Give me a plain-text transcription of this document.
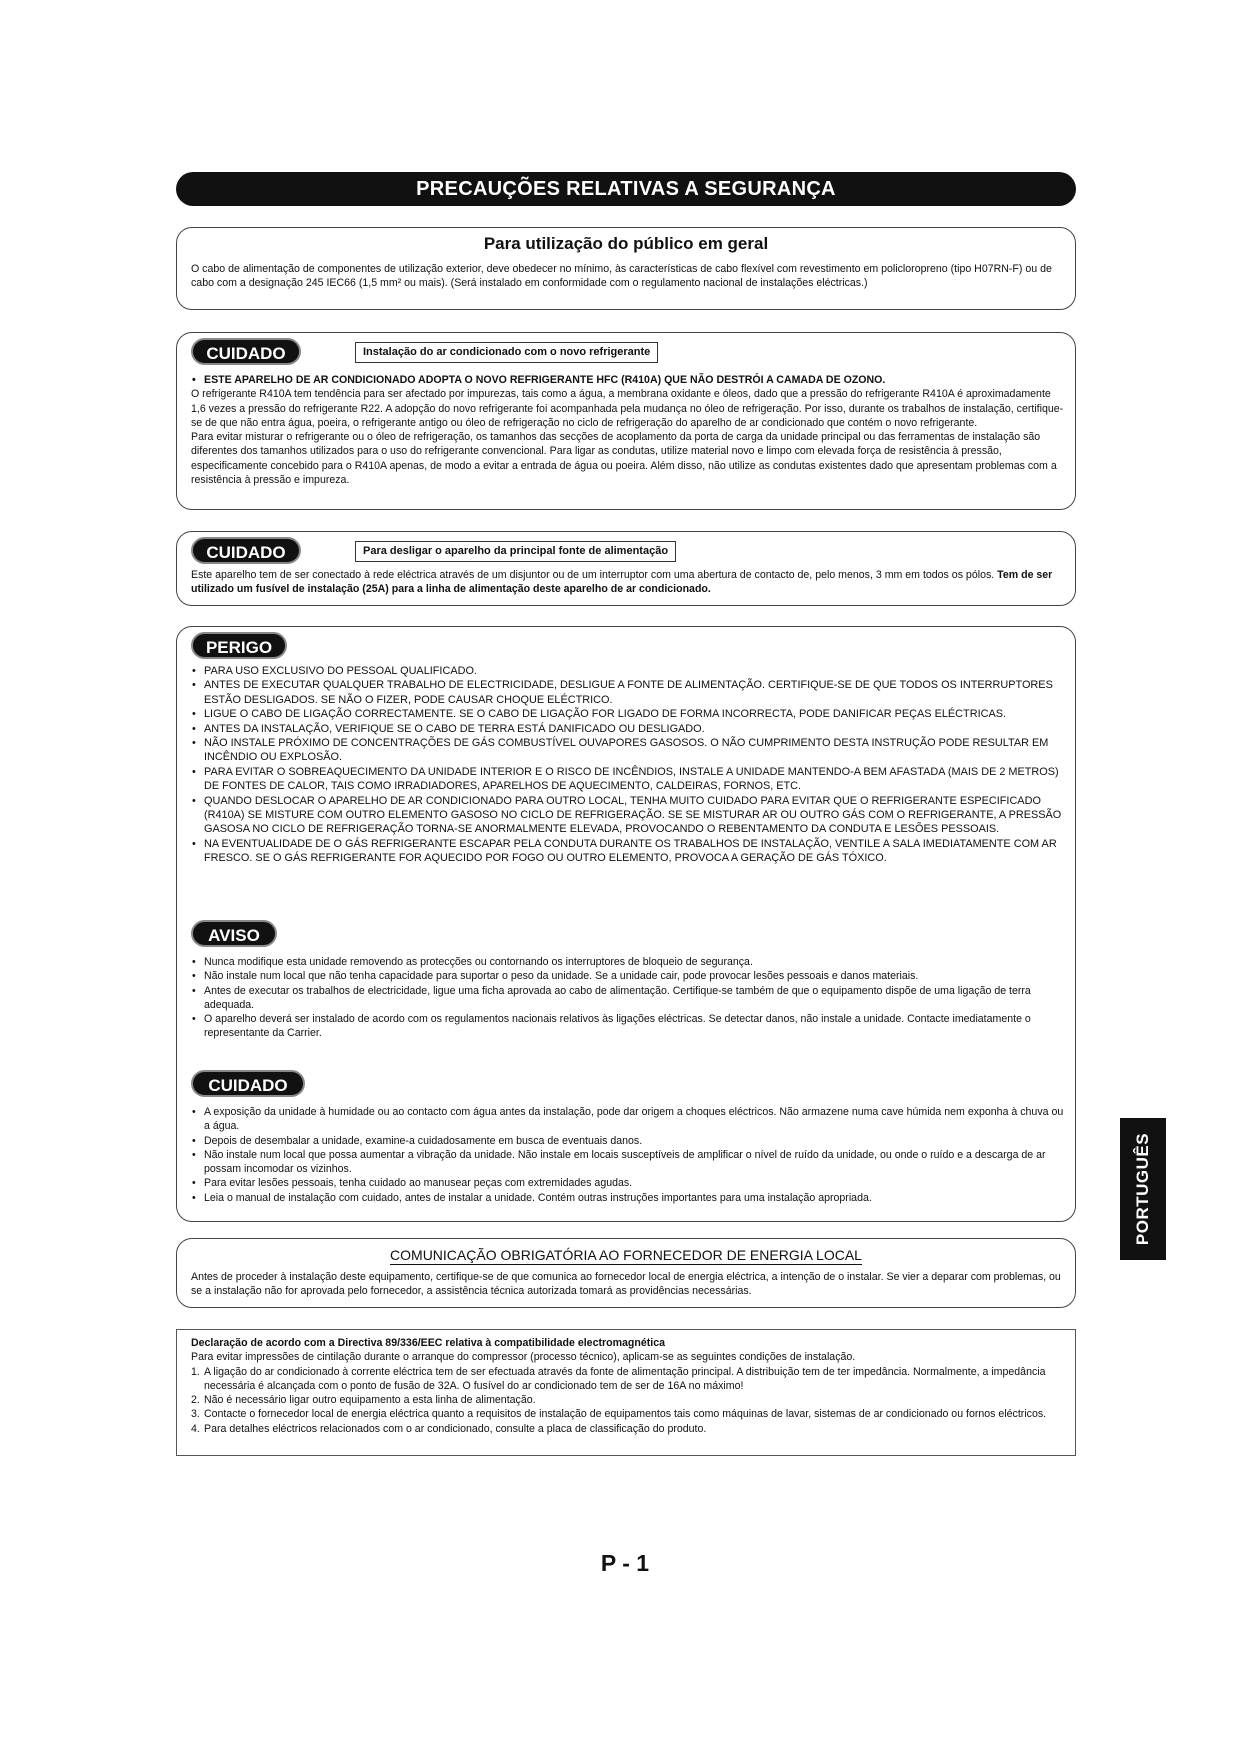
PRECAUÇÕES RELATIVAS A SEGURANÇA
Para utilização do público em geral

O cabo de alimentação de componentes de utilização exterior, deve obedecer no mínimo, às características de cabo flexível com revestimento em policloropreno (tipo H07RN-F) ou de cabo com a designação 245 IEC66 (1,5 mm² ou mais). (Será instalado em conformidade com o regulamento nacional de instalações eléctricas.)

CUIDADO	Instalação do ar condicionado com o novo refrigerante
• ESTE APARELHO DE AR CONDICIONADO ADOPTA O NOVO REFRIGERANTE HFC (R410A) QUE NÃO DESTRÓI A CAMADA DE OZONO.

O refrigerante R410A tem tendência para ser afectado por impurezas, tais como a água, a membrana oxidante e óleos, dado que a pressão do refrigerante R410A é aproximadamente 1,6 vezes a pressão do refrigerante R22. A adopção do novo refrigerante foi acompanhada pela mudança no óleo de refrigeração. Por isso, durante os trabalhos de instalação, certifique-se de que não entra água, poeira, o refrigerante antigo ou óleo de refrigeração no ciclo de refrigeração do aparelho de ar condicionado que contém o novo refrigerante.

Para evitar misturar o refrigerante ou o óleo de refrigeração, os tamanhos das secções de acoplamento da porta de carga da unidade principal ou das ferramentas de instalação são diferentes dos tamanhos utilizados para o uso do refrigerante convencional. Para ligar as condutas, utilize material novo e limpo com elevada força de resistência à pressão, especificamente concebido para o R410A apenas, de modo a evitar a entrada de água ou poeira. Além disso, não utilize as condutas existentes dado que apresentam problemas com a resistência à pressão e impureza.

CUIDADO	Para desligar o aparelho da principal fonte de alimentação

Este aparelho tem de ser conectado à rede eléctrica através de um disjuntor ou de um interruptor com uma abertura de contacto de, pelo menos, 3 mm em todos os pólos. Tem de ser utilizado um fusível de instalação (25A) para a linha de alimentação deste aparelho de ar condicionado.

PERIGO
• PARA USO EXCLUSIVO DO PESSOAL QUALIFICADO.
• ANTES DE EXECUTAR QUALQUER TRABALHO DE ELECTRICIDADE, DESLIGUE A FONTE DE ALIMENTAÇÃO. CERTIFIQUE-SE DE QUE TODOS OS INTERRUPTORES ESTÃO DESLIGADOS. SE NÃO O FIZER, PODE CAUSAR CHOQUE ELÉCTRICO.
• LIGUE O CABO DE LIGAÇÃO CORRECTAMENTE. SE O CABO DE LIGAÇÃO FOR LIGADO DE FORMA INCORRECTA, PODE DANIFICAR PEÇAS ELÉCTRICAS.
• ANTES DA INSTALAÇÃO, VERIFIQUE SE O CABO DE TERRA ESTÁ DANIFICADO OU DESLIGADO.
• NÃO INSTALE PRÓXIMO DE CONCENTRAÇÕES DE GÁS COMBUSTÍVEL OUVAPORES GASOSOS. O NÃO CUMPRIMENTO DESTA INSTRUÇÃO PODE RESULTAR EM INCÊNDIO OU EXPLOSÃO.
• PARA EVITAR O SOBREAQUECIMENTO DA UNIDADE INTERIOR E O RISCO DE INCÊNDIOS, INSTALE A UNIDADE MANTENDO-A BEM AFASTADA (MAIS DE 2 METROS) DE FONTES DE CALOR, TAIS COMO IRRADIADORES, APARELHOS DE AQUECIMENTO, CALDEIRAS, FORNOS, ETC.
• QUANDO DESLOCAR O APARELHO DE AR CONDICIONADO PARA OUTRO LOCAL, TENHA MUITO CUIDADO PARA EVITAR QUE O REFRIGERANTE ESPECIFICADO (R410A) SE MISTURE COM OUTRO ELEMENTO GASOSO NO CICLO DE REFRIGERAÇÃO. SE SE MISTURAR AR OU OUTRO GÁS COM O REFRIGERANTE, A PRESSÃO GASOSA NO CICLO DE REFRIGERAÇÃO TORNA-SE ANORMALMENTE ELEVADA, PROVOCANDO O REBENTAMENTO DA CONDUTA E LESÕES PESSOAIS.
• NA EVENTUALIDADE DE O GÁS REFRIGERANTE ESCAPAR PELA CONDUTA DURANTE OS TRABALHOS DE INSTALAÇÃO, VENTILE A SALA IMEDIATAMENTE COM AR FRESCO. SE O GÁS REFRIGERANTE FOR AQUECIDO POR FOGO OU OUTRO ELEMENTO, PROVOCA A GERAÇÃO DE GÁS TÓXICO.
AVISO
• Nunca modifique esta unidade removendo as protecções ou contornando os interruptores de bloqueio de segurança.
• Não instale num local que não tenha capacidade para suportar o peso da unidade. Se a unidade cair, pode provocar lesões pessoais e danos materiais.
• Antes de executar os trabalhos de electricidade, ligue uma ficha aprovada ao cabo de alimentação. Certifique-se também de que o equipamento dispõe de uma ligação de terra adequada.
• O aparelho deverá ser instalado de acordo com os regulamentos nacionais relativos às ligações eléctricas. Se detectar danos, não instale a unidade. Contacte imediatamente o representante da Carrier.
CUIDADO
• A exposição da unidade à humidade ou ao contacto com água antes da instalação, pode dar origem a choques eléctricos. Não armazene numa cave húmida nem exponha à chuva ou a água.
• Depois de desembalar a unidade, examine-a cuidadosamente em busca de eventuais danos.
• Não instale num local que possa aumentar a vibração da unidade. Não instale em locais susceptíveis de amplificar o nível de ruído da unidade, ou onde o ruído e a descarga de ar possam incomodar os vizinhos.
• Para evitar lesões pessoais, tenha cuidado ao manusear peças com extremidades agudas.
• Leia o manual de instalação com cuidado, antes de instalar a unidade. Contém outras instruções importantes para uma instalação apropriada.
COMUNICAÇÃO OBRIGATÓRIA AO FORNECEDOR DE ENERGIA LOCAL

Antes de proceder à instalação deste equipamento, certifique-se de que comunica ao fornecedor local de energia eléctrica, a intenção de o instalar. Se vier a deparar com problemas, ou se a instalação não for aprovada pelo fornecedor, a assistência técnica autorizada tomará as providências necessárias.

Declaração de acordo com a Directiva 89/336/EEC relativa à compatibilidade electromagnética

Para evitar impressões de cintilação durante o arranque do compressor (processo técnico), aplicam-se as seguintes condições de instalação.

1. A ligação do ar condicionado à corrente eléctrica tem de ser efectuada através da fonte de alimentação principal. A distribuição tem de ter impedância. Normalmente, a impedância necessária é alcançada com o ponto de fusão de 32A. O fusível do ar condicionado tem de ser de 16A no máximo!
2. Não é necessário ligar outro equipamento a esta linha de alimentação.
3. Contacte o fornecedor local de energia eléctrica quanto a requisitos de instalação de equipamentos tais como máquinas de lavar, sistemas de ar condicionado ou fornos eléctricos.
4. Para detalhes eléctricos relacionados com o ar condicionado, consulte a placa de classificação do produto.
PORTUGUÊS
P - 1
